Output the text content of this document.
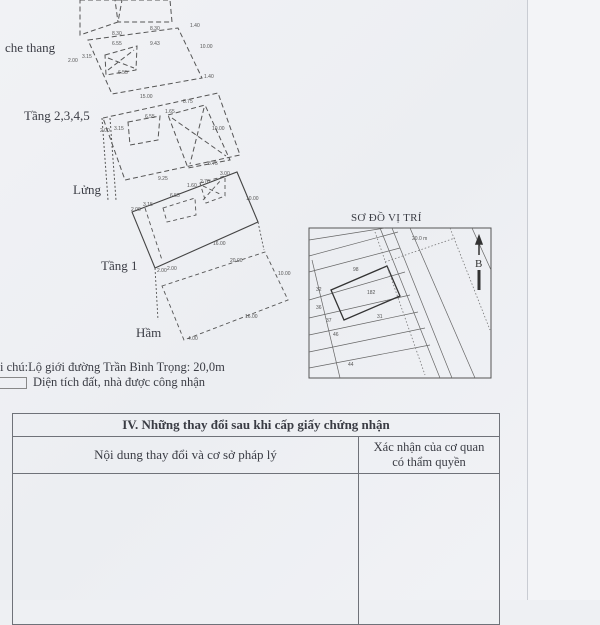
9.43
8.30
8.30
1.40
10.00
1.40
6.55
6.55
2.00
3.15
15.00
8.75
6.55
1.65
10.00
8.75
2.00 3.15
9.25
6.55
1.60
2.70
3.00
10.00
2.00
3.15
16.00
20.00
2.00 2.00
10.00
16.00
4.00
che thang
Tầng 2,3,4,5
Lửng
Tầng 1
Hầm
SƠ ĐỒ VỊ TRÍ
B
98
182
31
32
36
37
46
44
20.0 m
i chú:Lộ giới đường Trần Bình Trọng: 20,0m
Diện tích đất, nhà được công nhận
IV. Những thay đổi sau khi cấp giấy chứng nhận	
Nội dung thay đổi và cơ sở pháp lý	Xác nhận của cơ quan
có thẩm quyền
